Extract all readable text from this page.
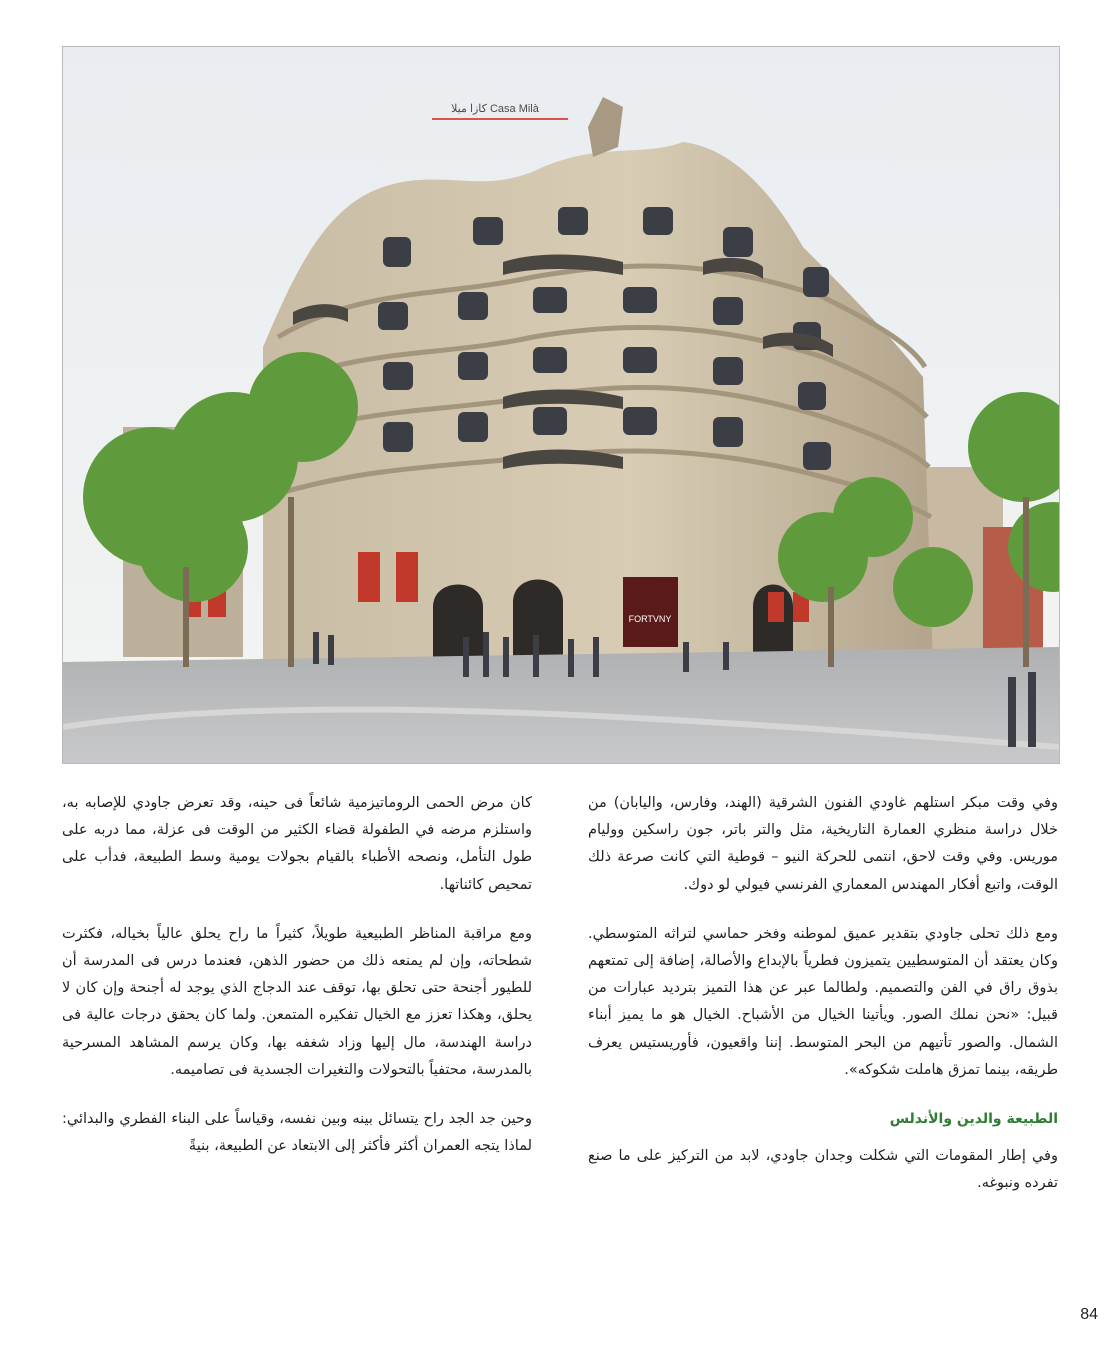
FORTVNY
كازا ميلا Casa Milà

وفي وقت مبكر استلهم غاودي الفنون الشرقية (الهند، وفارس، واليابان) من خلال دراسة منظري العمارة التاريخية، مثل والتر باتر، جون راسكين ووليام موريس. وفي وقت لاحق، انتمى للحركة النيو – قوطية التي كانت صرعة ذلك الوقت، واتبع أفكار المهندس المعماري الفرنسي فيولي لو دوك.

ومع ذلك تحلى جاودي بتقدير عميق لموطنه وفخر حماسي لتراثه المتوسطي. وكان يعتقد أن المتوسطيين يتميزون فطرياً بالإبداع والأصالة، إضافة إلى تمتعهم بذوق راق في الفن والتصميم. ولطالما عبر عن هذا التميز بترديد عبارات من قبيل: «نحن نملك الصور. ويأتينا الخيال من الأشباح. الخيال هو ما يميز أبناء الشمال. والصور تأتيهم من البحر المتوسط. إننا واقعيون، فأوريستيس يعرف طريقه، بينما تمزق هاملت شكوكه».

الطبيعة والدين والأندلس

وفي إطار المقومات التي شكلت وجدان جاودي، لابد من التركيز على ما صنع تفرده ونبوغه.

كان مرض الحمى الروماتيزمية شائعاً فى حينه، وقد تعرض جاودي للإصابه به، واستلزم مرضه في الطفولة قضاء الكثير من الوقت فى عزلة، مما دربه على طول التأمل، ونصحه الأطباء بالقيام بجولات يومية وسط الطبيعة، فدأب على تمحيص كائناتها.

ومع مراقبة المناظر الطبيعية طويلاً، كثيراً ما راح يحلق عالياً بخياله، فكثرت شطحاته، وإن لم يمنعه ذلك من حضور الذهن، فعندما درس فى المدرسة أن للطيور أجنحة حتى تحلق بها، توقف عند الدجاج الذي يوجد له أجنحة وإن كان لا يحلق، وهكذا تعزز مع الخيال تفكيره المتمعن. ولما كان يحقق درجات عالية فى دراسة الهندسة، مال إليها وزاد شغفه بها، وكان يرسم المشاهد المسرحية بالمدرسة، محتفياً بالتحولات والتغيرات الجسدية فى تصاميمه.

وحين جد الجد راح يتسائل بينه وبين نفسه، وقياساً على البناء الفطري والبدائي: لماذا يتجه العمران أكثر فأكثر إلى الابتعاد عن الطبيعة، بنيةً

84
